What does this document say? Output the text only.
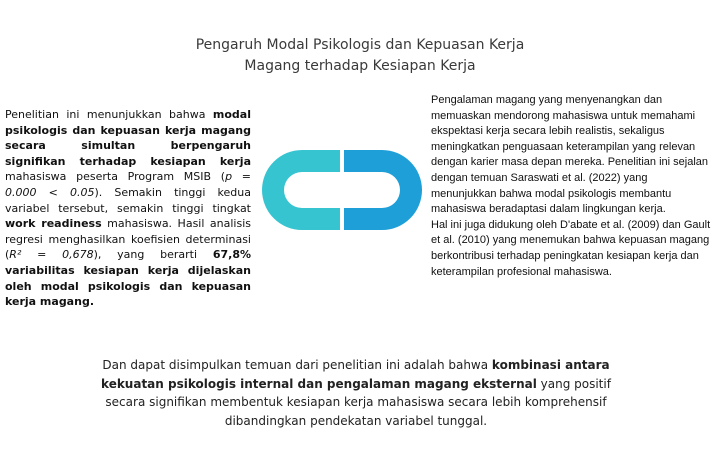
Pengaruh Modal Psikologis dan Kepuasan Kerja
Magang terhadap Kesiapan Kerja
Penelitian ini menunjukkan bahwa modal psikologis dan kepuasan kerja magang secara simultan berpengaruh signifikan terhadap kesiapan kerja mahasiswa peserta Program MSIB (p = 0.000 < 0.05). Semakin tinggi kedua variabel tersebut, semakin tinggi tingkat work readiness mahasiswa. Hasil analisis regresi menghasilkan koefisien determinasi (R² = 0,678), yang berarti 67,8% variabilitas kesiapan kerja dijelaskan oleh modal psikologis dan kepuasan kerja magang.

Pengalaman magang yang menyenangkan dan memuaskan mendorong mahasiswa untuk memahami ekspektasi kerja secara lebih realistis, sekaligus meningkatkan penguasaan keterampilan yang relevan dengan karier masa depan mereka. Penelitian ini sejalan dengan temuan Saraswati et al. (2022) yang menunjukkan bahwa modal psikologis membantu mahasiswa beradaptasi dalam lingkungan kerja.

Hal ini juga didukung oleh D'abate et al. (2009) dan Gault et al. (2010) yang menemukan bahwa kepuasan magang berkontribusi terhadap peningkatan kesiapan kerja dan keterampilan profesional mahasiswa.

Dan dapat disimpulkan temuan dari penelitian ini adalah bahwa kombinasi antara kekuatan psikologis internal dan pengalaman magang eksternal yang positif secara signifikan membentuk kesiapan kerja mahasiswa secara lebih komprehensif dibandingkan pendekatan variabel tunggal.
